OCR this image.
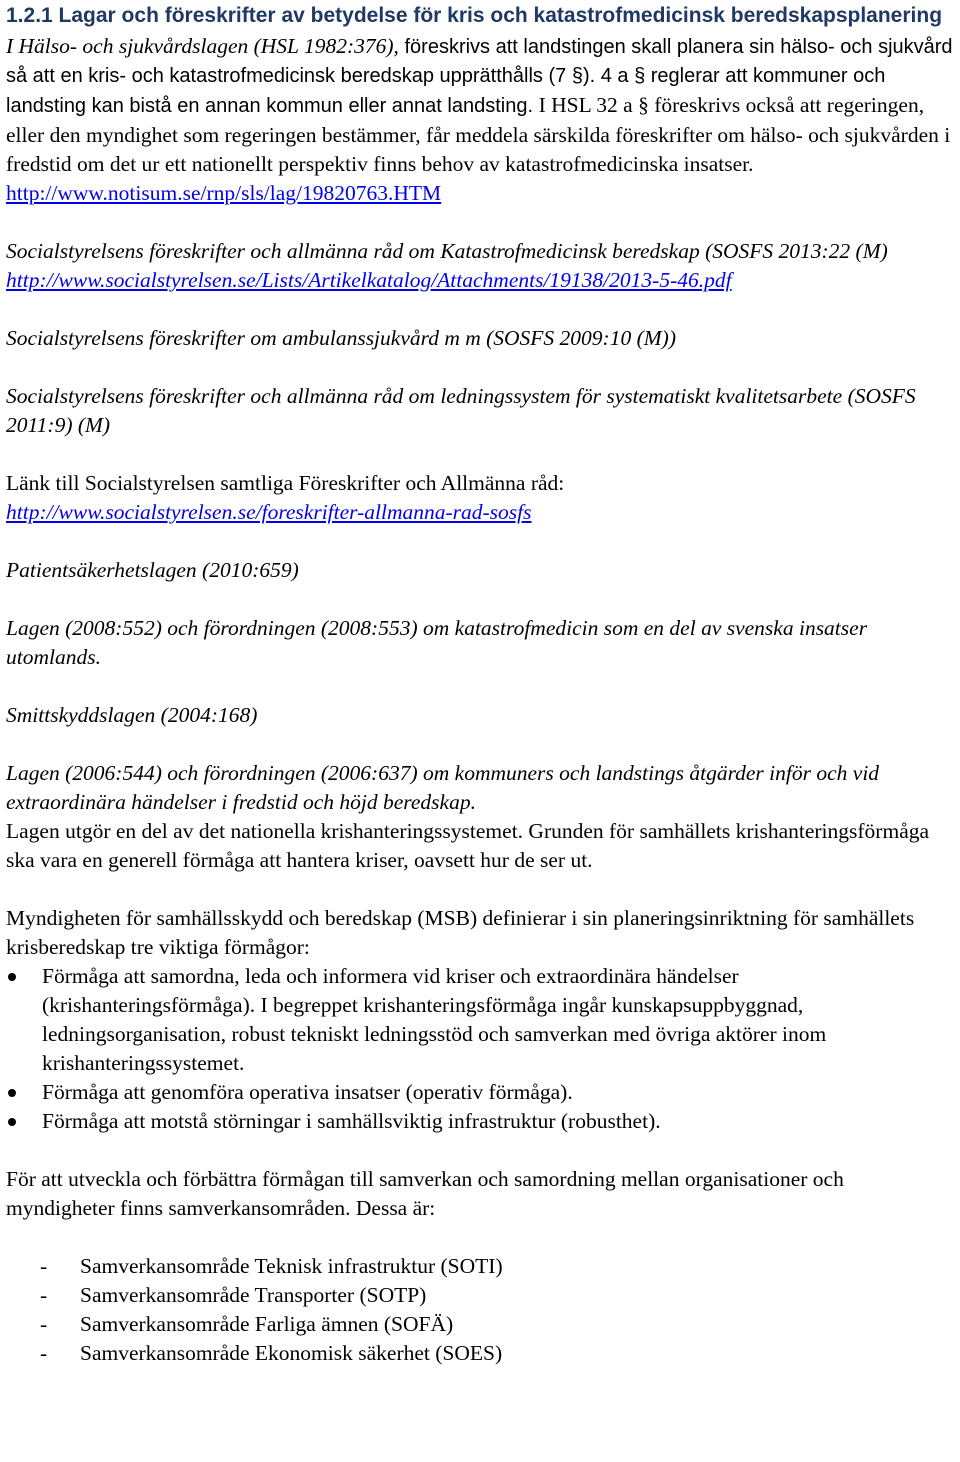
1.2.1 Lagar och föreskrifter av betydelse för kris och katastrofmedicinsk beredskapsplanering

I Hälso- och sjukvårdslagen (HSL 1982:376), föreskrivs att landstingen skall planera sin hälso- och sjukvård så att en kris- och katastrofmedicinsk beredskap upprätthålls (7 §). 4 a § reglerar att kommuner och landsting kan bistå en annan kommun eller annat landsting. I HSL 32 a § föreskrivs också att regeringen, eller den myndighet som regeringen bestämmer, får meddela särskilda föreskrifter om hälso- och sjukvården i fredstid om det ur ett nationellt perspektiv finns behov av katastrofmedicinska insatser.
http://www.notisum.se/rnp/sls/lag/19820763.HTM

Socialstyrelsens föreskrifter och allmänna råd om Katastrofmedicinsk beredskap (SOSFS 2013:22 (M)
http://www.socialstyrelsen.se/Lists/Artikelkatalog/Attachments/19138/2013-5-46.pdf

Socialstyrelsens föreskrifter om ambulanssjukvård m m (SOSFS 2009:10 (M))

Socialstyrelsens föreskrifter och allmänna råd om ledningssystem för systematiskt kvalitetsarbete (SOSFS 2011:9) (M)

Länk till Socialstyrelsen samtliga Föreskrifter och Allmänna råd:
http://www.socialstyrelsen.se/foreskrifter-allmanna-rad-sosfs

Patientsäkerhetslagen (2010:659)

Lagen (2008:552) och förordningen (2008:553) om katastrofmedicin som en del av svenska insatser utomlands.

Smittskyddslagen (2004:168)

Lagen (2006:544) och förordningen (2006:637) om kommuners och landstings åtgärder inför och vid extraordinära händelser i fredstid och höjd beredskap.
Lagen utgör en del av det nationella krishanteringssystemet. Grunden för samhällets krishanteringsförmåga ska vara en generell förmåga att hantera kriser, oavsett hur de ser ut.

Myndigheten för samhällsskydd och beredskap (MSB) definierar i sin planeringsinriktning för samhällets krisberedskap tre viktiga förmågor:

Förmåga att samordna, leda och informera vid kriser och extraordinära händelser (krishanteringsförmåga). I begreppet krishanteringsförmåga ingår kunskapsuppbyggnad, ledningsorganisation, robust tekniskt ledningsstöd och samverkan med övriga aktörer inom krishanteringssystemet.
Förmåga att genomföra operativa insatser (operativ förmåga).
Förmåga att motstå störningar i samhällsviktig infrastruktur (robusthet).

För att utveckla och förbättra förmågan till samverkan och samordning mellan organisationer och myndigheter finns samverkansområden. Dessa är:

- Samverkansområde Teknisk infrastruktur (SOTI)
- Samverkansområde Transporter (SOTP)
- Samverkansområde Farliga ämnen (SOFÄ)
- Samverkansområde Ekonomisk säkerhet (SOES)
